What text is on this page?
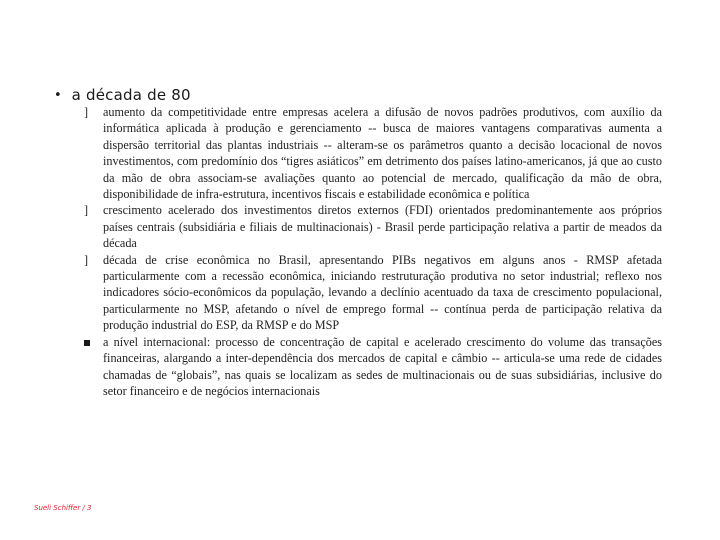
• a década de 80
]	aumento da competitividade entre empresas acelera a difusão de novos padrões produtivos, com auxílio da informática aplicada à produção e gerenciamento -- busca de maiores vantagens comparativas aumenta a dispersão territorial das plantas industriais -- alteram-se os parâmetros quanto a decisão locacional de novos investimentos, com predomínio dos “tigres asiáticos” em detrimento dos países latino-americanos, já que ao custo da mão de obra associam-se avaliações quanto ao potencial de mercado, qualificação da mão de obra, disponibilidade de infra-estrutura, incentivos fiscais e estabilidade econômica e política
]	crescimento acelerado dos investimentos diretos externos (FDI) orientados predominantemente aos próprios países centrais (subsidiária e filiais de multinacionais) - Brasil perde participação relativa a partir de meados da década
]	década de crise econômica no Brasil, apresentando PIBs negativos em alguns anos - RMSP afetada particularmente com a recessão econômica, iniciando restruturação produtiva no setor industrial; reflexo nos indicadores sócio-econômicos da população, levando a declínio acentuado da taxa de crescimento populacional, particularmente no MSP, afetando o nível de emprego formal -- contínua perda de participação relativa da produção industrial do ESP, da RMSP e do MSP
a nível internacional: processo de concentração de capital e acelerado crescimento do volume das transações financeiras, alargando a inter-dependência dos mercados de capital e câmbio -- articula-se uma rede de cidades chamadas de “globais”, nas quais se localizam as sedes de multinacionais ou de suas subsidiárias, inclusive do setor financeiro e de negócios internacionais
Sueli Schiffer / 3
